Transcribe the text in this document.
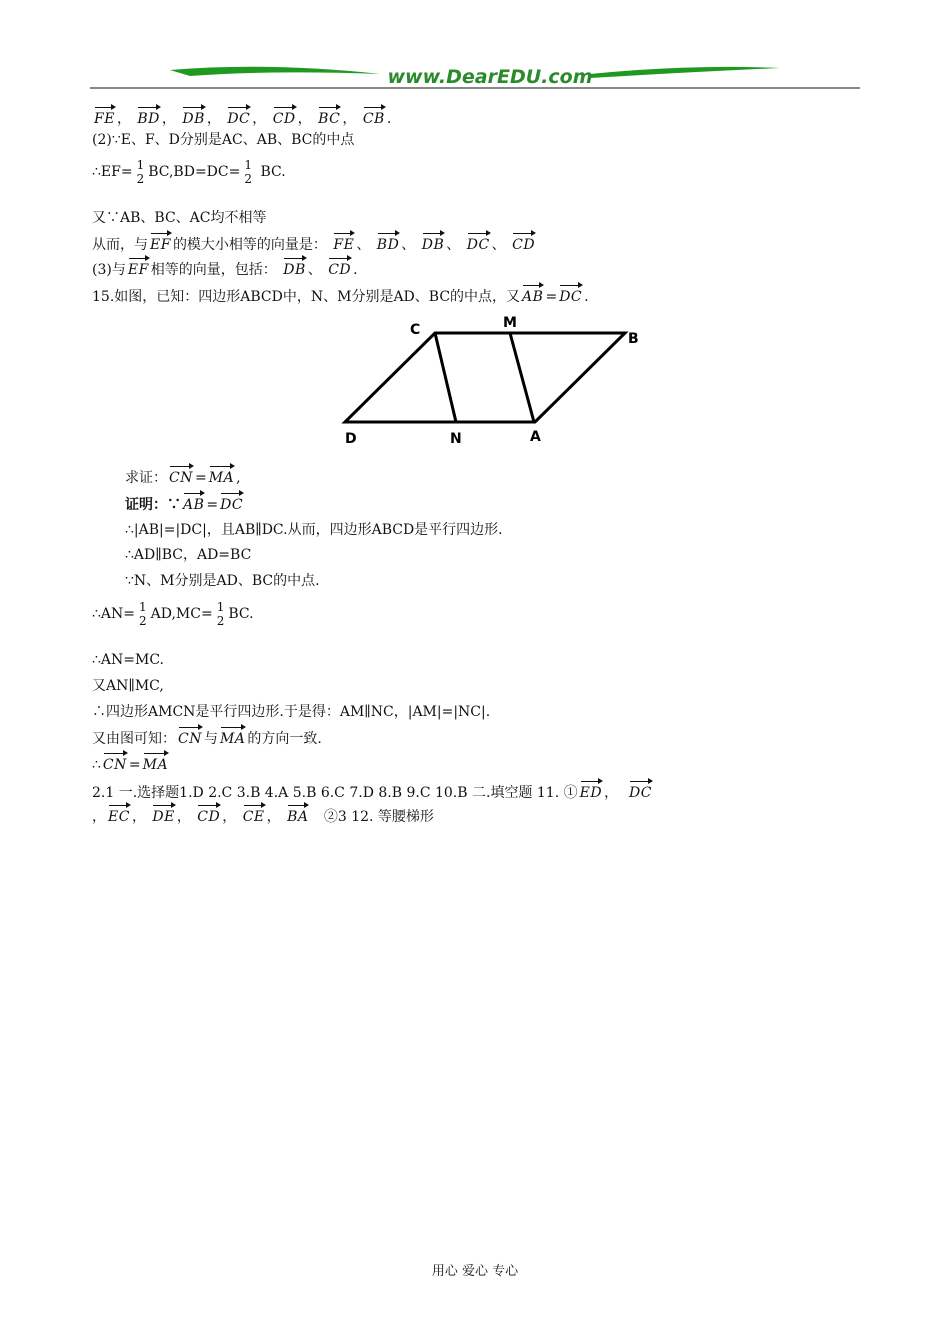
www.DearEDU.com
FE ， BD ， DB ， DC ， CD ， BC ， CB .
(2)∵E、F、D分别是AC、AB、BC的中点
∴EF= 1
2 BC,BD=DC= 1
2 BC.
又∵AB、BC、AC均不相等
从而，与 EF 的模大小相等的向量是： FE 、 BD 、 DB 、 DC 、 CD
(3)与 EF 相等的向量，包括： DB 、 CD .
15.如图，已知：四边形ABCD中，N、M分别是AD、BC的中点，又 AB = DC .
C	M
B
D	N	A
求证： CN = MA ,
证明：∵ AB = DC
∴|AB|=|DC|，且AB∥DC.从而，四边形ABCD是平行四边形.
∴AD∥BC，AD=BC
∵N、M分别是AD、BC的中点.
∴AN= 1
2 AD,MC= 1
2 BC.
∴AN=MC.
又AN∥MC,
∴四边形AMCN是平行四边形.于是得：AM∥NC，|AM|=|NC|.
又由图可知： CN 与 MA 的方向一致.
∴ CN = MA
2.1 一.选择题1.D 2.C 3.B 4.A 5.B 6.C 7.D 8.B 9.C 10.B 二.填空题 11. ① ED ，  DC
， EC ， DE ， CD ， CE ， BA ②3 12. 等腰梯形
用心 爱心 专心
